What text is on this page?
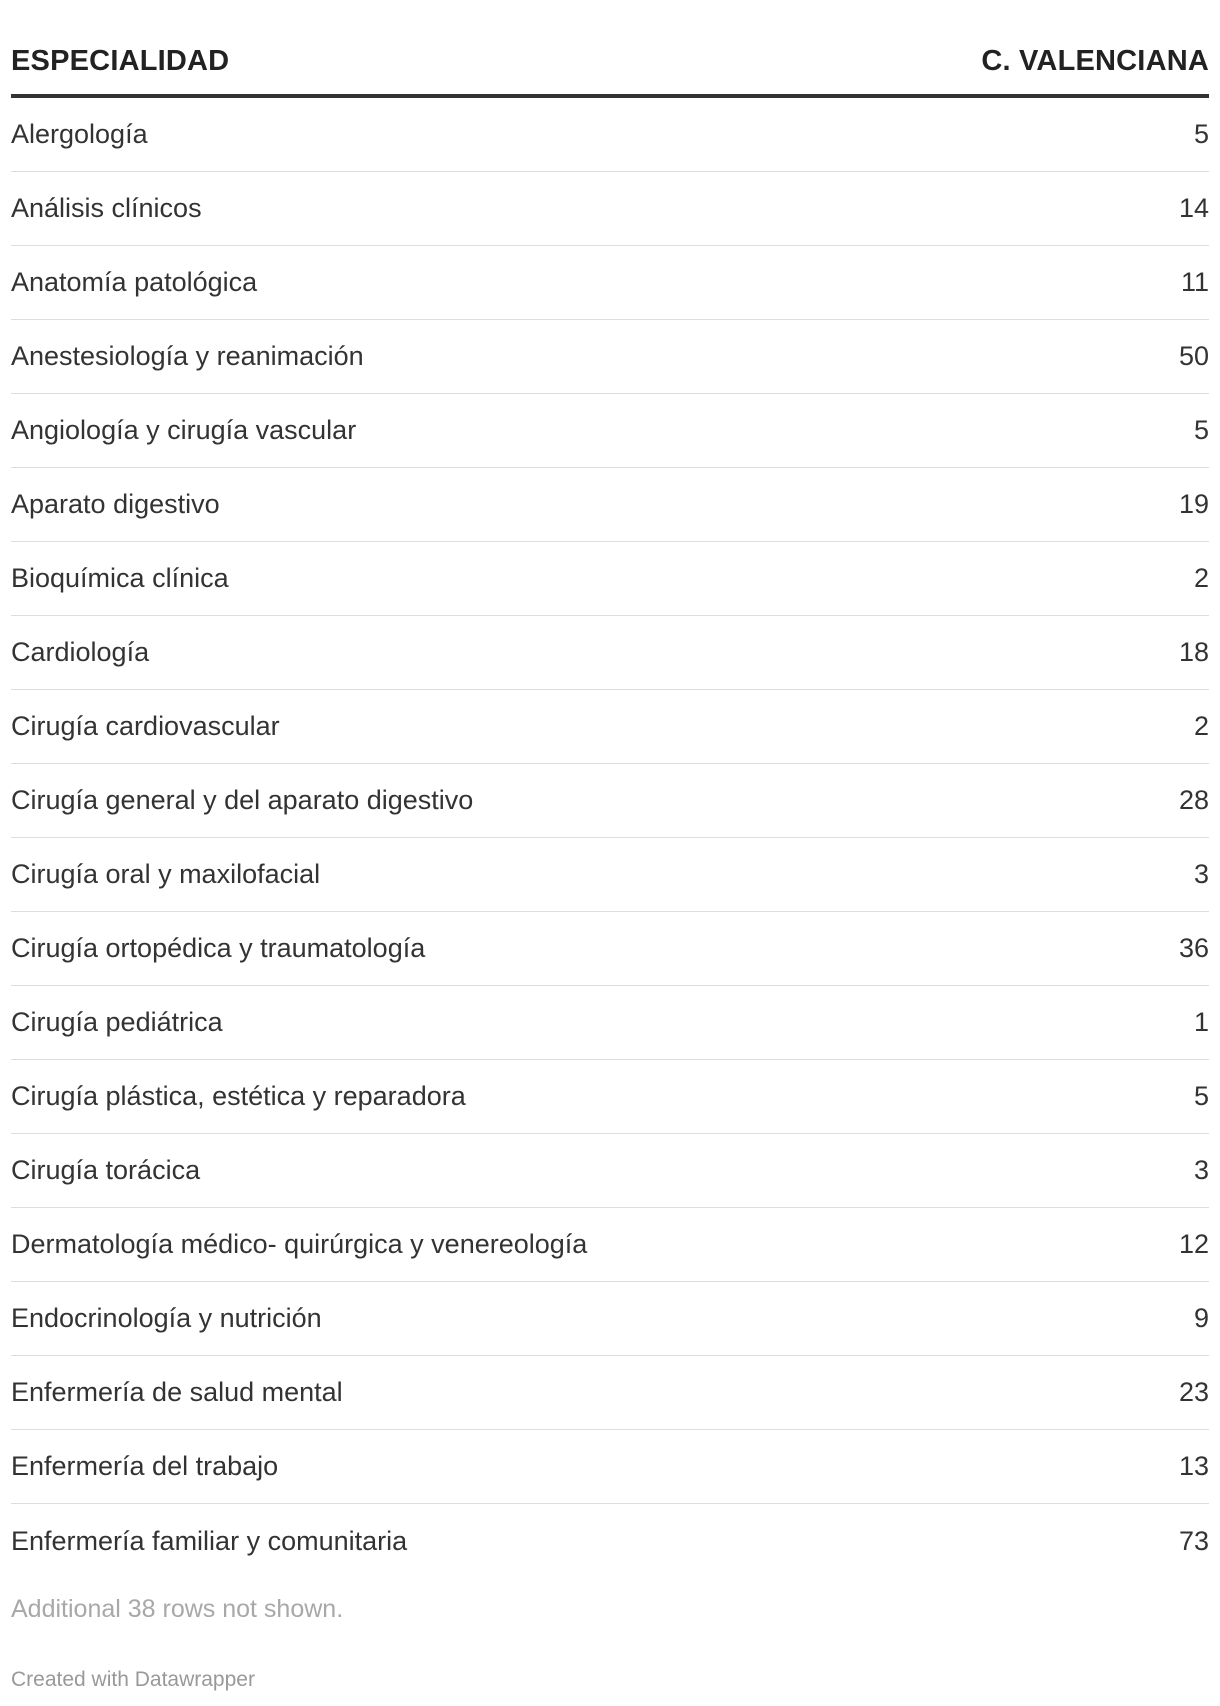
ESPECIALIDAD	C. VALENCIANA
Alergología	5
Análisis clínicos	14
Anatomía patológica	11
Anestesiología y reanimación	50
Angiología y cirugía vascular	5
Aparato digestivo	19
Bioquímica clínica	2
Cardiología	18
Cirugía cardiovascular	2
Cirugía general y del aparato digestivo	28
Cirugía oral y maxilofacial	3
Cirugía ortopédica y traumatología	36
Cirugía pediátrica	1
Cirugía plástica, estética y reparadora	5
Cirugía torácica	3
Dermatología médico- quirúrgica y venereología	12
Endocrinología y nutrición	9
Enfermería de salud mental	23
Enfermería del trabajo	13
Enfermería familiar y comunitaria	73
Additional 38 rows not shown.
Created with Datawrapper
